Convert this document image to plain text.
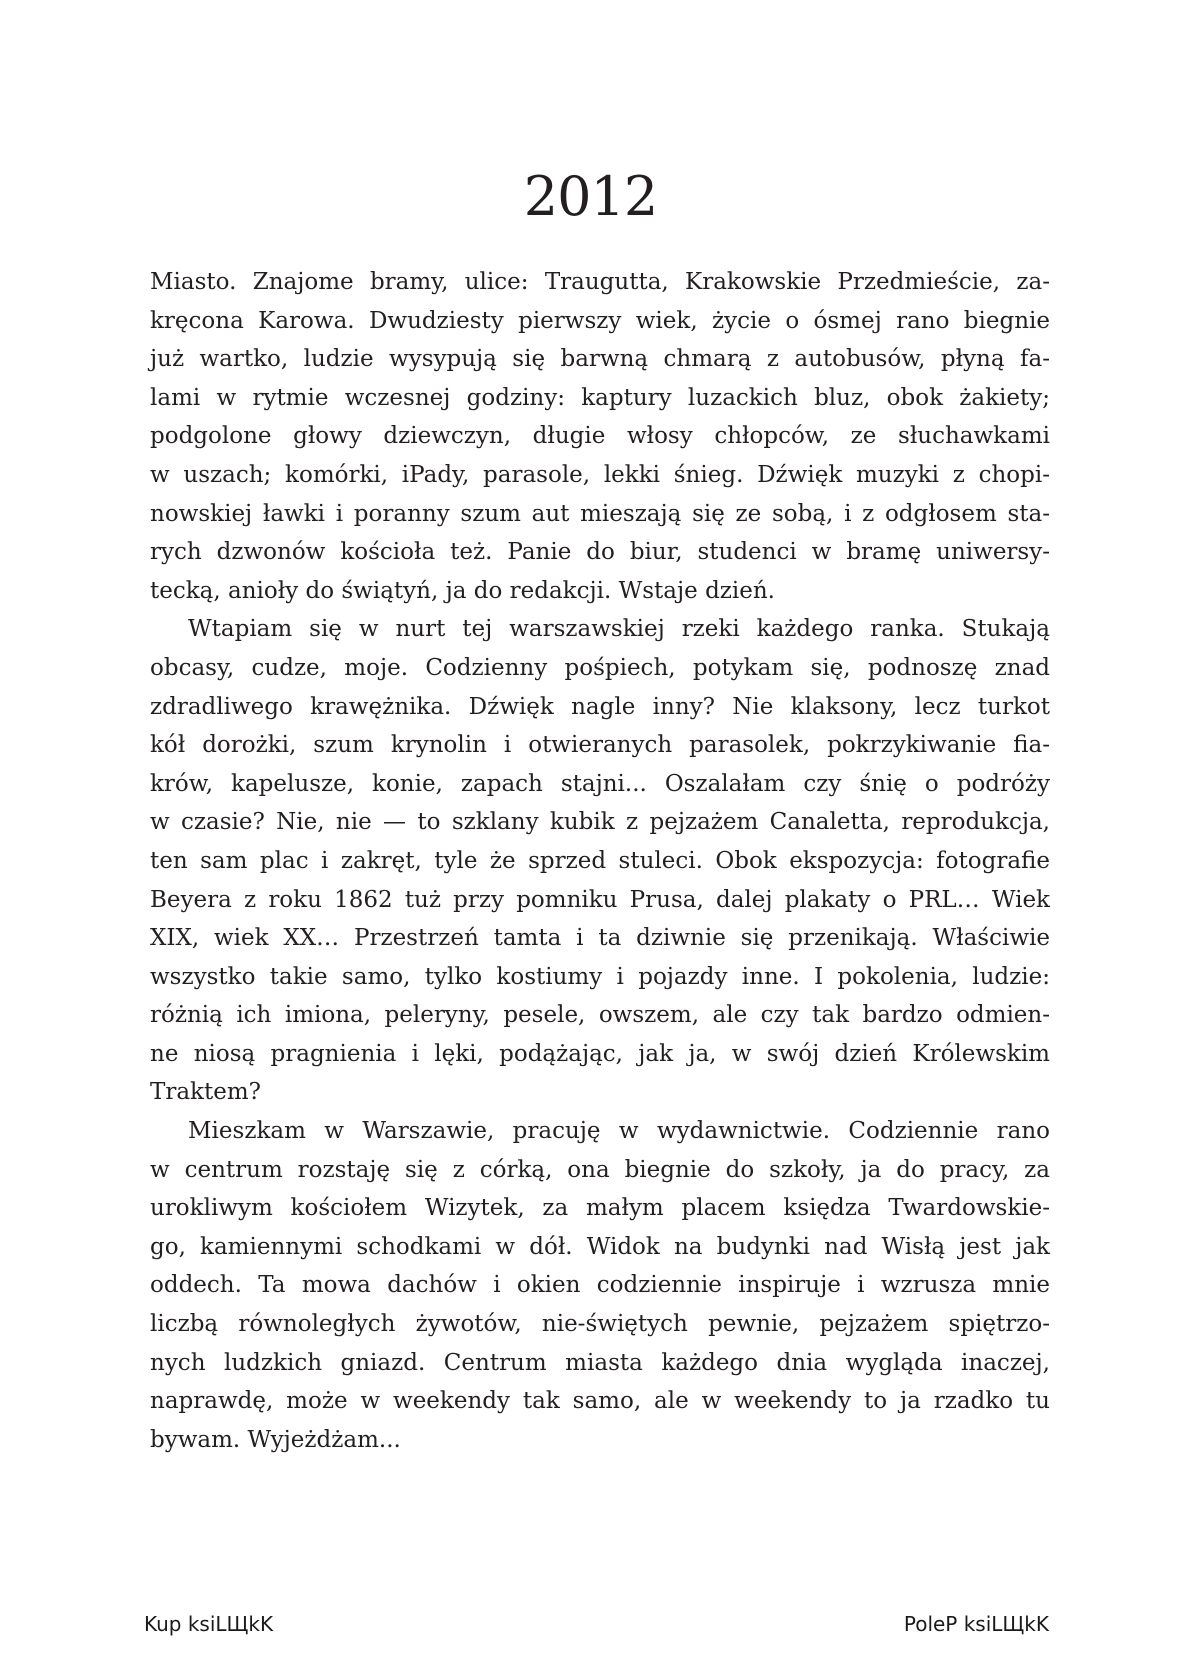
2012
Miasto. Znajome bramy, ulice: Traugutta, Krakowskie Przedmieście, za-
kręcona Karowa. Dwudziesty pierwszy wiek, życie o ósmej rano biegnie
już wartko, ludzie wysypują się barwną chmarą z autobusów, płyną fa-
lami w rytmie wczesnej godziny: kaptury luzackich bluz, obok żakiety;
podgolone głowy dziewczyn, długie włosy chłopców, ze słuchawkami
w uszach; komórki, iPady, parasole, lekki śnieg. Dźwięk muzyki z chopi-
nowskiej ławki i poranny szum aut mieszają się ze sobą, i z odgłosem sta-
rych dzwonów kościoła też. Panie do biur, studenci w bramę uniwersy-
tecką, anioły do świątyń, ja do redakcji. Wstaje dzień.
Wtapiam się w nurt tej warszawskiej rzeki każdego ranka. Stukają
obcasy, cudze, moje. Codzienny pośpiech, potykam się, podnoszę znad
zdradliwego krawężnika. Dźwięk nagle inny? Nie klaksony, lecz turkot
kół dorożki, szum krynolin i otwieranych parasolek, pokrzykiwanie fia-
krów, kapelusze, konie, zapach stajni... Oszalałam czy śnię o podróży
w czasie? Nie, nie — to szklany kubik z pejzażem Canaletta, reprodukcja,
ten sam plac i zakręt, tyle że sprzed stuleci. Obok ekspozycja: fotografie
Beyera z roku 1862 tuż przy pomniku Prusa, dalej plakaty o PRL… Wiek
XIX, wiek XX… Przestrzeń tamta i ta dziwnie się przenikają. Właściwie
wszystko takie samo, tylko kostiumy i pojazdy inne. I pokolenia, ludzie:
różnią ich imiona, peleryny, pesele, owszem, ale czy tak bardzo odmien-
ne niosą pragnienia i lęki, podążając, jak ja, w swój dzień Królewskim
Traktem?
Mieszkam w Warszawie, pracuję w wydawnictwie. Codziennie rano
w centrum rozstaję się z córką, ona biegnie do szkoły, ja do pracy, za
urokliwym kościołem Wizytek, za małym placem księdza Twardowskie-
go, kamiennymi schodkami w dół. Widok na budynki nad Wisłą jest jak
oddech. Ta mowa dachów i okien codziennie inspiruje i wzrusza mnie
liczbą równoległych żywotów, nie-świętych pewnie, pejzażem spiętrzo-
nych ludzkich gniazd. Centrum miasta każdego dnia wygląda inaczej,
naprawdę, może w weekendy tak samo, ale w weekendy to ja rzadko tu
bywam. Wyjeżdżam...
Kup ksiLЩkK	PoleP ksiLЩkK
